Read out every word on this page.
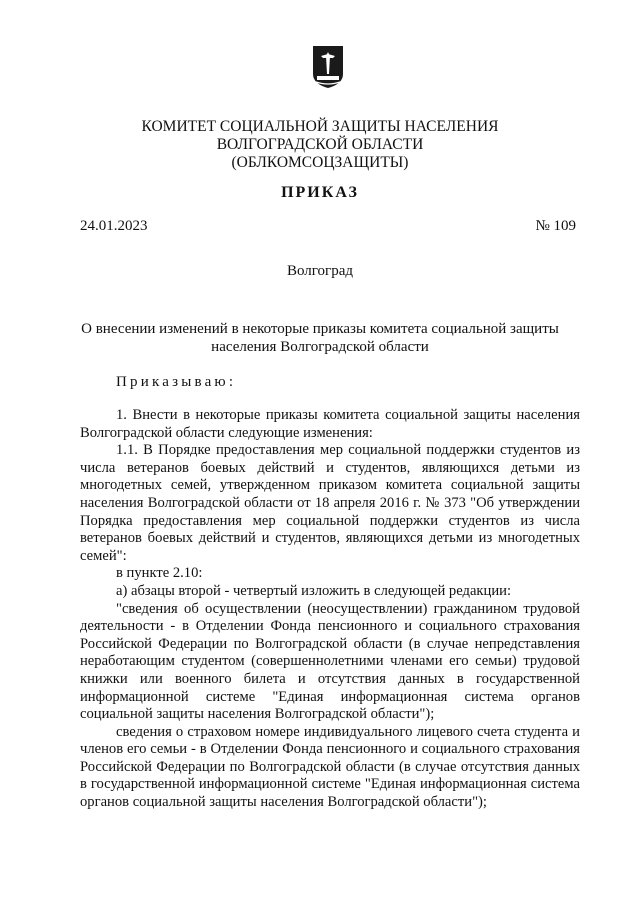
КОМИТЕТ СОЦИАЛЬНОЙ ЗАЩИТЫ НАСЕЛЕНИЯ
ВОЛГОГРАДСКОЙ ОБЛАСТИ
(ОБЛКОМСОЦЗАЩИТЫ)
ПРИКАЗ
24.01.2023	№ 109
Волгоград
О внесении изменений в некоторые приказы комитета социальной защиты
населения Волгоградской области
Приказываю:

1. Внести в некоторые приказы комитета социальной защиты населения Волгоградской области следующие изменения:

1.1. В Порядке предоставления мер социальной поддержки студентов из числа ветеранов боевых действий и студентов, являющихся детьми из многодетных семей, утвержденном приказом комитета социальной защиты населения Волгоградской области от 18 апреля 2016 г. № 373 "Об утверждении Порядка предоставления мер социальной поддержки студентов из числа ветеранов боевых действий и студентов, являющихся детьми из многодетных семей":

в пункте 2.10:

а) абзацы второй - четвертый изложить в следующей редакции:

"сведения об осуществлении (неосуществлении) гражданином трудовой деятельности - в Отделении Фонда пенсионного и социального страхования Российской Федерации по Волгоградской области (в случае непредставления неработающим студентом (совершеннолетними членами его семьи) трудовой книжки или военного билета и отсутствия данных в государственной информационной системе "Единая информационная система органов социальной защиты населения Волгоградской области");

сведения о страховом номере индивидуального лицевого счета студента и членов его семьи - в Отделении Фонда пенсионного и социального страхования Российской Федерации по Волгоградской области (в случае отсутствия данных в государственной информационной системе "Единая информационная система органов социальной защиты населения Волгоградской области");
